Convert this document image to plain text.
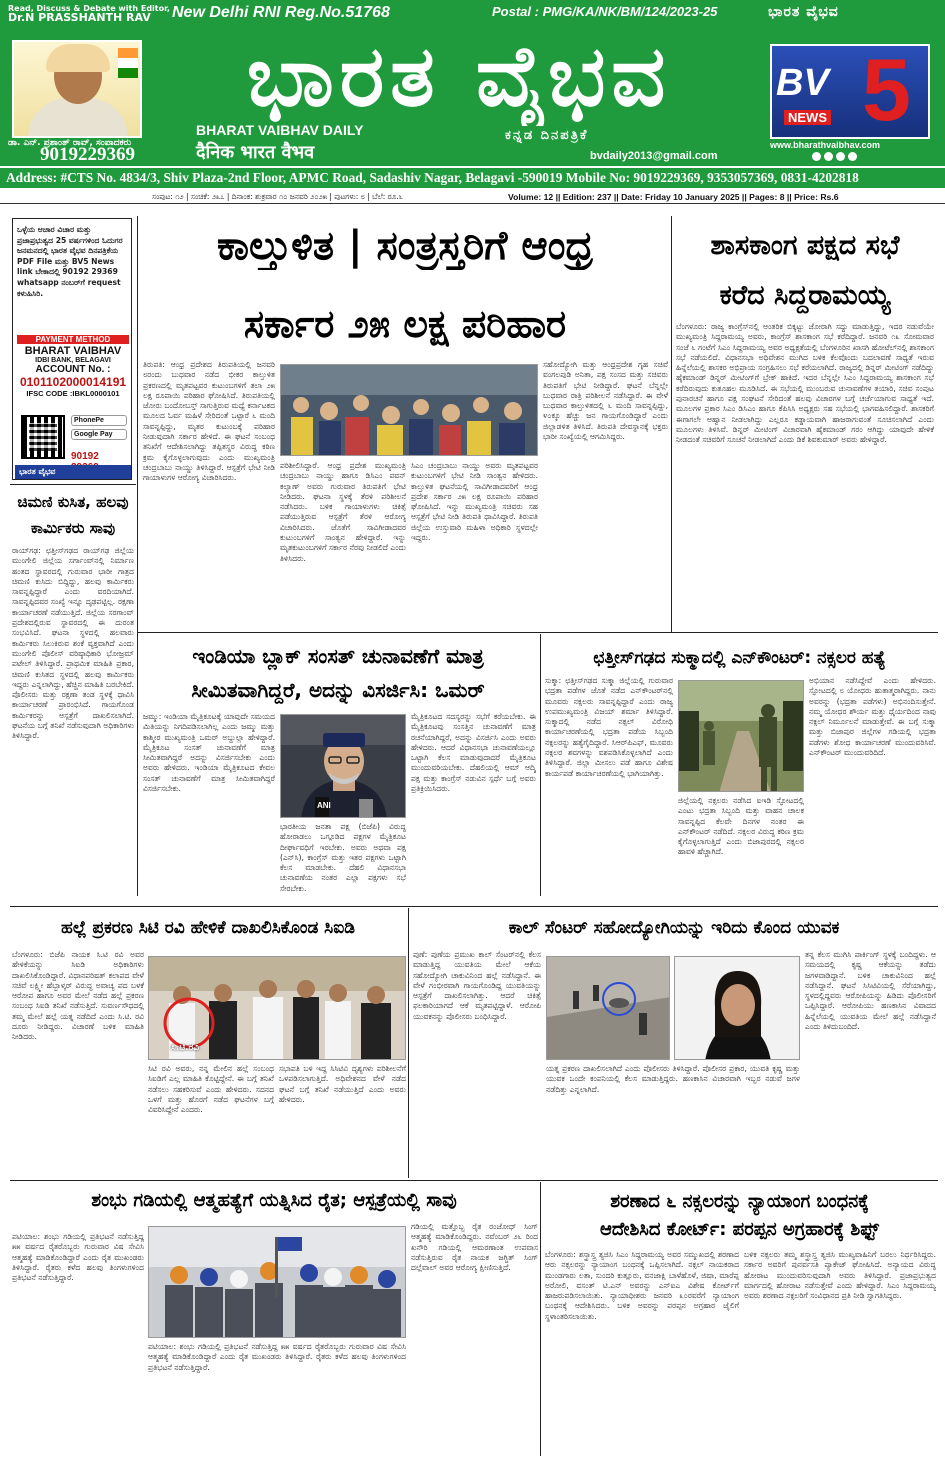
Read, Discuss & Debate with Editor,
Dr.N PRASSHANTH RAV
ಡಾ. ಎನ್. ಪ್ರಶಾಂತ್ ರಾವ್, ಸಂಪಾದಕರು
9019229369
New Delhi RNI Reg.No.51768	Postal : PMG/KA/NK/BM/124/2023-25
ಭಾರತ ವೈಭವ
BHARAT VAIBHAV DAILY
दैनिक भारत वैभव
ಕನ್ನಡ ದಿನಪತ್ರಿಕೆ
bvdaily2013@gmail.com
ಭಾರತ ವೈಭವ
BV 5
NEWS
www.bharathvaibhav.com
Address: #CTS No. 4834/3, Shiv Plaza-2nd Floor, APMC Road, Sadashiv Nagar, Belagavi -590019 Mobile No: 9019229369, 9353057369, 0831-4202818
ಸಂಪುಟ: ೧೨ | ಸಂಚಿಕೆ: ೨೩೭ | ದಿನಾಂಕ: ಶುಕ್ರವಾರ ೧೦ ಜನವರಿ ೨೦೨೫ | ಪುಟಗಳು: ೮ | ಬೆಲೆ: ರೂ.೬	Volume: 12 || Edition: 237 || Date: Friday 10 January 2025 || Pages: 8 || Price: Rs.6
ಒಳ್ಳೆಯ ಆಚಾರ ವಿಚಾರ ಮತ್ತು ಪ್ರಜಾಪ್ರಭುತ್ವದ 25 ವರ್ಷಗಳಿಂದ ಓದುಗರ ಜನಮನದಲ್ಲಿ ಭಾರತ ವೈಭವ ದಿನಪತ್ರಿಕೆಯ PDF File ಮತ್ತು BV5 News link ಬೇಕಾದಲ್ಲಿ 90192 29369 whatsapp ನಂಬರ್‌ಗೆ request ಕಳುಹಿಸಿರಿ.
PAYMENT METHOD
BHARAT VAIBHAV
IDBI BANK, BELAGAVI
ACCOUNT No. :
0101102000014191
IFSC CODE :IBKL0000101
PhonePe
Google Pay
90192
ಭಾರತ ವೈಭವ
ಕಾಲ್ತುಳಿತ | ಸಂತ್ರಸ್ತರಿಗೆ ಆಂಧ್ರ
ಸರ್ಕಾರ ೨೫ ಲಕ್ಷ ಪರಿಹಾರ
ತಿರುಪತಿ: ಆಂಧ್ರ ಪ್ರದೇಶದ ತಿರುಪತಿಯಲ್ಲಿ ಜನವರಿ ೮ರಂದು ಬುಧವಾರ ನಡೆದ ಭೀಕರ ಕಾಲ್ತುಳಿತ ಪ್ರಕರಣದಲ್ಲಿ ಮೃತಪಟ್ಟವರ ಕುಟುಂಬಗಳಿಗೆ ತಲಾ ೨೫ ಲಕ್ಷ ರೂಪಾಯಿ ಪರಿಹಾರ ಘೋಷಿಸಿದೆ. ತಿರುಪತಿಯಲ್ಲಿ ಜೋರು ಬಂದೋಬಸ್ತ್ ಸಾಗುತ್ತಿರುವ ಮಧ್ಯೆ ಕರ್ನಾಟಕದ ಮೂಲದ ಓರ್ವ ಮಹಿಳೆ ಸೇರಿದಂತೆ ಒಟ್ಟಾರೆ ೬ ಮಂದಿ ಸಾವನ್ನಪ್ಪಿದ್ದು, ಮೃತರ ಕುಟುಂಬಕ್ಕೆ ಪರಿಹಾರ ನೀಡುವುದಾಗಿ ಸರ್ಕಾರ ಹೇಳಿದೆ. ಈ ಘಟನೆ ಸಂಬಂಧ ತನಿಖೆಗೆ ಆದೇಶಿಸಲಾಗಿದ್ದು ತಪ್ಪಿತಸ್ಥರ ವಿರುದ್ಧ ಕಠಿಣ ಕ್ರಮ ಕೈಗೊಳ್ಳಲಾಗುವುದು ಎಂದು ಮುಖ್ಯಮಂತ್ರಿ ಚಂದ್ರಬಾಬು ನಾಯ್ಡು ತಿಳಿಸಿದ್ದಾರೆ. ಆಸ್ಪತ್ರೆಗೆ ಭೇಟಿ ನೀಡಿ ಗಾಯಾಳುಗಳ ಆರೋಗ್ಯ ವಿಚಾರಿಸಿದರು.
ಪರಿಶೀಲಿಸಿದ್ದಾರೆ. ಆಂಧ್ರ ಪ್ರದೇಶ ಮುಖ್ಯಮಂತ್ರಿ ಚಂದ್ರಬಾಬು ನಾಯ್ಡು ಹಾಗೂ ಡಿಸಿಎಂ ಪವನ್ ಕಲ್ಯಾಣ್ ಅವರು ಗುರುವಾರ ತಿರುಪತಿಗೆ ಭೇಟಿ ನೀಡಿದರು. ಘಟನಾ ಸ್ಥಳಕ್ಕೆ ತೆರಳಿ ಪರಿಶೀಲನೆ ನಡೆಸಿದರು. ಬಳಿಕ ಗಾಯಾಳುಗಳು ಚಿಕಿತ್ಸೆ ಪಡೆಯುತ್ತಿರುವ ಆಸ್ಪತ್ರೆಗೆ ತೆರಳಿ ಆರೋಗ್ಯ ವಿಚಾರಿಸಿದರು. ಜೊತೆಗೆ ಸಾವಿಗೀಡಾದವರ ಕುಟುಂಬಗಳಿಗೆ ಸಾಂತ್ವನ ಹೇಳಿದ್ದಾರೆ. ಇನ್ನು ಮೃತಕುಟುಂಬಗಳಿಗೆ ಸರ್ಕಾರ ನೆರವು ನೀಡಲಿದೆ ಎಂದು ತಿಳಿಸಿದರು.
ಸಿಎಂ ಚಂದ್ರಬಾಬು ನಾಯ್ಡು ಅವರು ಮೃತಪಟ್ಟವರ ಕುಟುಂಬಗಳಿಗೆ ಭೇಟಿ ನೀಡಿ ಸಾಂತ್ವನ ಹೇಳಿದರು. ಕಾಲ್ತುಳಿತ ಘಟನೆಯಲ್ಲಿ ಸಾವಿಗೀಡಾದವರಿಗೆ ಆಂಧ್ರ ಪ್ರದೇಶ ಸರ್ಕಾರ ೨೫ ಲಕ್ಷ ರೂಪಾಯಿ ಪರಿಹಾರ ಘೋಷಿಸಿದೆ. ಇನ್ನು ಮುಖ್ಯಮಂತ್ರಿ ಸಚಿವರು ಸಹ ಆಸ್ಪತ್ರೆಗೆ ಭೇಟಿ ನೀಡಿ ತಿರುಪತಿ ಧಾವಿಸಿದ್ದಾರೆ. ತಿರುಪತಿ ಜಿಲ್ಲೆಯ ಉಸ್ತುವಾರಿ ಮಹಿಳಾ ಅಧಿಕಾರಿ ಸ್ಥಳದಲ್ಲೇ ಇದ್ದರು.
ಸಹೋದ್ಯೋಗಿ ಮತ್ತು ಆಂಧ್ರಪ್ರದೇಶ ಗೃಹ ಸಚಿವೆ ವಂಗಲಪುಡಿ ಅನಿತಾ, ಪಕ್ಷ ಸಂಸದ ಮತ್ತು ಸಚಿವರು ತಿರುಪತಿಗೆ ಭೇಟಿ ನೀಡಿದ್ದಾರೆ. ಘಟನೆ ಬೆನ್ನಲ್ಲೇ ಬುಧವಾರ ರಾತ್ರಿ ಪರಿಶೀಲನೆ ನಡೆಸಿದ್ದಾರೆ. ಈ ವೇಳೆ ಬುಧವಾರ ಕಾಲ್ತುಳಿತದಲ್ಲಿ ೬ ಮಂದಿ ಸಾವನ್ನಪ್ಪಿದ್ದು, ೪೦ಕ್ಕೂ ಹೆಚ್ಚು ಜನ ಗಾಯಗೊಂಡಿದ್ದಾರೆ ಎಂದು ಜಿಲ್ಲಾಡಳಿತ ತಿಳಿಸಿದೆ. ತಿರುಪತಿ ದೇವಸ್ಥಾನಕ್ಕೆ ಭಕ್ತರು ಭಾರೀ ಸಂಖ್ಯೆಯಲ್ಲಿ ಆಗಮಿಸಿದ್ದರು.
ಶಾಸಕಾಂಗ ಪಕ್ಷದ ಸಭೆ
ಕರೆದ ಸಿದ್ದರಾಮಯ್ಯ
ಬೆಂಗಳೂರು: ರಾಜ್ಯ ಕಾಂಗ್ರೆಸ್‌ನಲ್ಲಿ ಆಂತರಿಕ ಬಿಕ್ಕಟ್ಟು ಜೋರಾಗಿ ಸದ್ದು ಮಾಡುತ್ತಿದ್ದು, ಇದರ ನಡುವೆಯೇ ಮುಖ್ಯಮಂತ್ರಿ ಸಿದ್ದರಾಮಯ್ಯ ಅವರು, ಕಾಂಗ್ರೆಸ್ ಶಾಸಕಾಂಗ ಸಭೆ ಕರೆದಿದ್ದಾರೆ. ಜನವರಿ ೧೩ ಸೋಮವಾರ ಸಂಜೆ ೬ ಗಂಟೆಗೆ ಸಿಎಂ ಸಿದ್ದರಾಮಯ್ಯ ಅವರ ಅಧ್ಯಕ್ಷತೆಯಲ್ಲಿ ಬೆಂಗಳೂರಿನ ಖಾಸಗಿ ಹೋಟೆಲ್‌ನಲ್ಲಿ ಶಾಸಕಾಂಗ ಸಭೆ ನಡೆಯಲಿದೆ. ವಿಧಾನಸಭಾ ಅಧಿವೇಶನ ಮುಗಿದ ಬಳಿಕ ಕೆಲವೊಂದು ಬದಲಾವಣೆ ಸಾಧ್ಯತೆ ಇರುವ ಹಿನ್ನೆಲೆಯಲ್ಲಿ ಶಾಸಕರ ಅಭಿಪ್ರಾಯ ಸಂಗ್ರಹಿಸಲು ಸಭೆ ಕರೆಯಲಾಗಿದೆ. ರಾಜ್ಯದಲ್ಲಿ ಡಿನ್ನರ್ ಮೀಟಿಂಗ್ ನಡೆದಿದ್ದು ಹೈಕಮಾಂಡ್ ಡಿನ್ನರ್ ಮೀಟಿಂಗ್‌ಗೆ ಬ್ರೇಕ್ ಹಾಕಿದೆ. ಇದರ ಬೆನ್ನಲ್ಲೇ ಸಿಎಂ ಸಿದ್ದರಾಮಯ್ಯ ಶಾಸಕಾಂಗ ಸಭೆ ಕರೆದಿರುವುದು ಕುತೂಹಲ ಮೂಡಿಸಿದೆ. ಈ ಸಭೆಯಲ್ಲಿ ಮುಂಬರುವ ಚುನಾವಣೆಗಳ ತಯಾರಿ, ಸಚಿವ ಸಂಪುಟ ಪುನಾರಚನೆ ಹಾಗೂ ಪಕ್ಷ ಸಂಘಟನೆ ಸೇರಿದಂತೆ ಹಲವು ವಿಚಾರಗಳ ಬಗ್ಗೆ ಚರ್ಚೆಯಾಗುವ ಸಾಧ್ಯತೆ ಇದೆ. ಮೂಲಗಳ ಪ್ರಕಾರ ಸಿಎಂ ಡಿಸಿಎಂ ಹಾಗೂ ಕೆಪಿಸಿಸಿ ಅಧ್ಯಕ್ಷರು ಸಹ ಸಭೆಯಲ್ಲಿ ಭಾಗವಹಿಸಲಿದ್ದಾರೆ. ಶಾಸಕರಿಗೆ ಈಗಾಗಲೇ ಆಹ್ವಾನ ನೀಡಲಾಗಿದ್ದು ಎಲ್ಲರೂ ಕಡ್ಡಾಯವಾಗಿ ಹಾಜರಾಗುವಂತೆ ಸೂಚಿಸಲಾಗಿದೆ ಎಂದು ಮೂಲಗಳು ತಿಳಿಸಿವೆ. ಡಿನ್ನರ್ ಮೀಟಿಂಗ್ ವಿಚಾರವಾಗಿ ಹೈಕಮಾಂಡ್ ಗರಂ ಆಗಿದ್ದು ಯಾವುದೇ ಹೇಳಿಕೆ ನೀಡದಂತೆ ಸಚಿವರಿಗೆ ಸೂಚನೆ ನೀಡಲಾಗಿದೆ ಎಂದು ಡಿಕೆ ಶಿವಕುಮಾರ್ ಅವರು ಹೇಳಿದ್ದಾರೆ.
ಚಿಮಣಿ ಕುಸಿತ, ಹಲವು
ಕಾರ್ಮಿಕರು ಸಾವು
ರಾಯ್‌ಗಢ: ಛತ್ತೀಸ್‌ಗಢದ ರಾಯ್‌ಗಢ ಜಿಲ್ಲೆಯ ಮುಂಗೇಲಿ ಜಿಲ್ಲೆಯ ಸರ್ಗಾಂವ್‌ನಲ್ಲಿ ನಿರ್ಮಾಣ ಹಂತದ ಸ್ಥಾವರದಲ್ಲಿ ಗುರುವಾರ ಭಾರೀ ಗಾತ್ರದ ಚಿಮಣಿ ಕುಸಿದು ಬಿದ್ದಿದ್ದು, ಹಲವು ಕಾರ್ಮಿಕರು ಸಾವನ್ನಪ್ಪಿದ್ದಾರೆ ಎಂದು ವರದಿಯಾಗಿದೆ. ಸಾವನ್ನಪ್ಪಿದವರ ಸಂಖ್ಯೆ ಇನ್ನೂ ದೃಢಪಟ್ಟಿಲ್ಲ. ರಕ್ಷಣಾ ಕಾರ್ಯಾಚರಣೆ ನಡೆಯುತ್ತಿದೆ. ಜಿಲ್ಲೆಯ ಸರಗಾಂವ್ ಪ್ರದೇಶದಲ್ಲಿರುವ ಸ್ಥಾವರದಲ್ಲಿ ಈ ದುರಂತ ಸಂಭವಿಸಿದೆ. ಘಟನಾ ಸ್ಥಳದಲ್ಲಿ ಹಲವಾರು ಕಾರ್ಮಿಕರು ಸಿಲುಕಿರುವ ಶಂಕೆ ವ್ಯಕ್ತವಾಗಿದೆ ಎಂದು ಮುಂಗೇಲಿ ಪೊಲೀಸ್ ವರಿಷ್ಠಾಧಿಕಾರಿ ಭೋಜ್ರಮ್ ಪಟೇಲ್ ತಿಳಿಸಿದ್ದಾರೆ. ಪ್ರಾಥಮಿಕ ಮಾಹಿತಿ ಪ್ರಕಾರ, ಚಿಮಣಿ ಕುಸಿತದ ಸ್ಥಳದಲ್ಲಿ ಹಲವು ಕಾರ್ಮಿಕರು ಇದ್ದರು ಎನ್ನಲಾಗಿದ್ದು, ಹೆಚ್ಚಿನ ಮಾಹಿತಿ ಬರಬೇಕಿದೆ. ಪೊಲೀಸರು ಮತ್ತು ರಕ್ಷಣಾ ತಂಡ ಸ್ಥಳಕ್ಕೆ ಧಾವಿಸಿ ಕಾರ್ಯಾಚರಣೆ ಪ್ರಾರಂಭಿಸಿದೆ. ಗಾಯಗೊಂಡ ಕಾರ್ಮಿಕರನ್ನು ಆಸ್ಪತ್ರೆಗೆ ದಾಖಲಿಸಲಾಗಿದೆ. ಘಟನೆಯ ಬಗ್ಗೆ ತನಿಖೆ ನಡೆಸುವುದಾಗಿ ಅಧಿಕಾರಿಗಳು ತಿಳಿಸಿದ್ದಾರೆ.
ಇಂಡಿಯಾ ಬ್ಲಾಕ್ ಸಂಸತ್ ಚುನಾವಣೆಗೆ ಮಾತ್ರ
ಸೀಮಿತವಾಗಿದ್ದರೆ, ಅದನ್ನು ವಿಸರ್ಜಿಸಿ: ಒಮರ್
ಜಮ್ಮು: ಇಂಡಿಯಾ ಮೈತ್ರಿಕೂಟಕ್ಕೆ ಯಾವುದೇ ಸಮಯದ ಮಿತಿಯನ್ನು ನಿಗದಿಪಡಿಸಲಾಗಿಲ್ಲ ಎಂದು ಜಮ್ಮು ಮತ್ತು ಕಾಶ್ಮೀರ ಮುಖ್ಯಮಂತ್ರಿ ಒಮರ್ ಅಬ್ದುಲ್ಲಾ ಹೇಳಿದ್ದಾರೆ. ಮೈತ್ರಿಕೂಟ ಸಂಸತ್ ಚುನಾವಣೆಗೆ ಮಾತ್ರ ಸೀಮಿತವಾಗಿದ್ದರೆ ಅದನ್ನು ವಿಸರ್ಜಿಸಬೇಕು ಎಂದು ಅವರು ಹೇಳಿದರು. ಇಂಡಿಯಾ ಮೈತ್ರಿಕೂಟದ ಕೇವಲ ಸಂಸತ್ ಚುನಾವಣೆಗೆ ಮಾತ್ರ ಸೀಮಿತವಾಗಿದ್ದರೆ ವಿಸರ್ಜಿಸಬೇಕು.
ANI
ಭಾರತೀಯ ಜನತಾ ಪಕ್ಷ (ಬಿಜೆಪಿ) ವಿರುದ್ಧ ಹೋರಾಡಲು ಒಗ್ಗೂಡಿದ ಪಕ್ಷಗಳ ಮೈತ್ರಿಕೂಟ ದೀರ್ಘಾವಧಿಗೆ ಇರಬೇಕು. ಅವರು ಅಥವಾ ಪಕ್ಷ (ಎನ್‌ಸಿ), ಕಾಂಗ್ರೆಸ್ ಮತ್ತು ಇತರ ಪಕ್ಷಗಳು ಒಟ್ಟಾಗಿ ಕೆಲಸ ಮಾಡಬೇಕು. ದೆಹಲಿ ವಿಧಾನಸಭಾ ಚುನಾವಣೆಯ ನಂತರ ಎಲ್ಲಾ ಪಕ್ಷಗಳು ಸಭೆ ಸೇರಬೇಕು.
ಮೈತ್ರಿಕೂಟದ ಸದಸ್ಯರನ್ನು ಸಭೆಗೆ ಕರೆಯಬೇಕು. ಈ ಮೈತ್ರಿಕೂಟವು ಸಂಸತ್ತಿನ ಚುನಾವಣೆಗೆ ಮಾತ್ರ ರಚನೆಯಾಗಿದ್ದರೆ, ಅದನ್ನು ವಿಸರ್ಜಿಸಿ ಎಂದು ಅವರು ಹೇಳಿದರು. ಆದರೆ ವಿಧಾನಸಭಾ ಚುನಾವಣೆಯಲ್ಲೂ ಒಟ್ಟಾಗಿ ಕೆಲಸ ಮಾಡುವುದಾದರೆ ಮೈತ್ರಿಕೂಟ ಮುಂದುವರಿಯಬೇಕು. ದೆಹಲಿಯಲ್ಲಿ ಆಮ್ ಆದ್ಮಿ ಪಕ್ಷ ಮತ್ತು ಕಾಂಗ್ರೆಸ್ ನಡುವಿನ ಸ್ಪರ್ಧೆ ಬಗ್ಗೆ ಅವರು ಪ್ರತಿಕ್ರಿಯಿಸಿದರು.
ಛತ್ತೀಸ್‌ಗಢದ ಸುಕ್ಮಾದಲ್ಲಿ ಎನ್‌ಕೌಂಟರ್: ನಕ್ಸಲರ ಹತ್ಯೆ
ಸುಕ್ಮಾ: ಛತ್ತೀಸ್‌ಗಢದ ಸುಕ್ಮಾ ಜಿಲ್ಲೆಯಲ್ಲಿ ಗುರುವಾರ ಭದ್ರತಾ ಪಡೆಗಳ ಜೊತೆ ನಡೆದ ಎನ್‌ಕೌಂಟರ್‌ನಲ್ಲಿ ಮೂವರು ನಕ್ಸಲರು ಸಾವನ್ನಪ್ಪಿದ್ದಾರೆ ಎಂದು ರಾಜ್ಯ ಉಪಮುಖ್ಯಮಂತ್ರಿ ವಿಜಯ್ ಶರ್ಮಾ ತಿಳಿಸಿದ್ದಾರೆ. ಸುಕ್ಮಾದಲ್ಲಿ ನಡೆದ ನಕ್ಸಲ್ ವಿರೋಧಿ ಕಾರ್ಯಾಚರಣೆಯಲ್ಲಿ ಭದ್ರತಾ ಪಡೆಯ ಸಿಬ್ಬಂದಿ ನಕ್ಸಲರನ್ನು ಹತ್ಯೆಗೈದಿದ್ದಾರೆ. ಸಿಆರ್‌ಪಿಎಫ್, ಮೂವರು ನಕ್ಸಲರ ಶವಗಳನ್ನು ವಶಪಡಿಸಿಕೊಳ್ಳಲಾಗಿದೆ ಎಂದು ತಿಳಿಸಿದ್ದಾರೆ. ಜಿಲ್ಲಾ ಮೀಸಲು ಪಡೆ ಹಾಗೂ ವಿಶೇಷ ಕಾರ್ಯಪಡೆ ಕಾರ್ಯಾಚರಣೆಯಲ್ಲಿ ಭಾಗಿಯಾಗಿತ್ತು.
ಜಿಲ್ಲೆಯಲ್ಲಿ ನಕ್ಸಲರು ನಡೆಸಿದ ಐಇಡಿ ಸ್ಫೋಟದಲ್ಲಿ ಎಂಟು ಭದ್ರತಾ ಸಿಬ್ಬಂದಿ ಮತ್ತು ವಾಹನ ಚಾಲಕ ಸಾವನ್ನಪ್ಪಿದ ಕೆಲವೇ ದಿನಗಳ ನಂತರ ಈ ಎನ್‌ಕೌಂಟರ್ ನಡೆದಿದೆ. ನಕ್ಸಲರ ವಿರುದ್ಧ ಕಠಿಣ ಕ್ರಮ ಕೈಗೊಳ್ಳಲಾಗುತ್ತಿದೆ ಎಂದು ಬಿಜಾಪುರದಲ್ಲಿ ನಕ್ಸಲರ ಹಾವಳಿ ಹೆಚ್ಚಾಗಿದೆ.
ಅಭಿಯಾನ ನಡೆಸಿದ್ದೇವೆ ಎಂದು ಹೇಳಿದರು. ಸ್ಫೋಟದಲ್ಲಿ ೮ ಯೋಧರು ಹುತಾತ್ಮರಾಗಿದ್ದರು. ನಾನು ಅವರನ್ನು (ಭದ್ರತಾ ಪಡೆಗಳು) ಅಭಿನಂದಿಸುತ್ತೇನೆ. ನಮ್ಮ ಯೋಧರ ಶೌರ್ಯ ಮತ್ತು ಧೈರ್ಯದಿಂದ ನಾವು ನಕ್ಸಲ್ ನಿರ್ಮೂಲನೆ ಮಾಡುತ್ತೇವೆ. ಈ ಬಗ್ಗೆ ಸುಕ್ಮಾ ಮತ್ತು ಬಿಜಾಪುರ ಜಿಲ್ಲೆಗಳ ಗಡಿಯಲ್ಲಿ ಭದ್ರತಾ ಪಡೆಗಳು ಶೋಧ ಕಾರ್ಯಾಚರಣೆ ಮುಂದುವರಿಸಿವೆ. ಎನ್‌ಕೌಂಟರ್ ಮುಂದುವರಿದಿದೆ.
ಹಲ್ಲೆ ಪ್ರಕರಣ ಸಿಟಿ ರವಿ ಹೇಳಿಕೆ ದಾಖಲಿಸಿಕೊಂಡ ಸಿಐಡಿ
ಬೆಂಗಳೂರು: ಬಿಜೆಪಿ ನಾಯಕ ಸಿ.ಟಿ ರವಿ ಅವರ ಹೇಳಿಕೆಯನ್ನು ಸಿಐಡಿ ಅಧಿಕಾರಿಗಳು ದಾಖಲಿಸಿಕೊಂಡಿದ್ದಾರೆ. ವಿಧಾನಪರಿಷತ್ ಕಲಾಪದ ವೇಳೆ ಸಚಿವೆ ಲಕ್ಷ್ಮೀ ಹೆಬ್ಬಾಳ್ಕರ್ ವಿರುದ್ಧ ಅವಾಚ್ಯ ಪದ ಬಳಕೆ ಆರೋಪ ಹಾಗೂ ಅವರ ಮೇಲೆ ನಡೆದ ಹಲ್ಲೆ ಪ್ರಕರಣ ಸಂಬಂಧ ಸಿಐಡಿ ತನಿಖೆ ನಡೆಸುತ್ತಿದೆ. ಸುವರ್ಣಸೌಧದಲ್ಲಿ ತಮ್ಮ ಮೇಲೆ ಹಲ್ಲೆ ಯತ್ನ ನಡೆದಿದೆ ಎಂದು ಸಿ.ಟಿ. ರವಿ ದೂರು ನೀಡಿದ್ದರು. ವಿಚಾರಣೆ ಬಳಿಕ ಮಾಹಿತಿ ನೀಡಿದರು.
ಸಿ.ಟಿ.ರವಿ
ಸಿಟಿ ರವಿ ಅವರು, ನನ್ನ ಮೇಲಿನ ಹಲ್ಲೆ ಸಂಬಂಧ ಸಿಐಡಿಗೆ ಎಲ್ಲ ಮಾಹಿತಿ ಕೊಟ್ಟಿದ್ದೇನೆ. ಈ ಬಗ್ಗೆ ತನಿಖೆ ನಡೆಸಲು ಸಹಕರಿಸುವೆ ಎಂದು ಹೇಳಿದರು. ಸದನದ ಒಳಗೆ ಮತ್ತು ಹೊರಗೆ ನಡೆದ ಘಟನೆಗಳ ಬಗ್ಗೆ ವಿವರಿಸಿದ್ದೇನೆ ಎಂದರು.
ಸಭಾಪತಿ ಬಳಿ ಇದ್ದ ಸಿಸಿಟಿವಿ ದೃಶ್ಯಗಳು ಪರಿಶೀಲನೆಗೆ ಒಳಪಡಿಸಲಾಗುತ್ತಿದೆ. ಅಧಿವೇಶನದ ವೇಳೆ ನಡೆದ ಘಟನೆ ಬಗ್ಗೆ ತನಿಖೆ ನಡೆಯುತ್ತಿದೆ ಎಂದು ಅವರು ಹೇಳಿದರು.
ಕಾಲ್ ಸೆಂಟರ್ ಸಹೋದ್ಯೋಗಿಯನ್ನು ಇರಿದು ಕೊಂದ ಯುವಕ
ಪುಣೆ: ಪುಣೆಯ ಪ್ರಮುಖ ಕಾಲ್ ಸೆಂಟರ್‌ನಲ್ಲಿ ಕೆಲಸ ಮಾಡುತ್ತಿದ್ದ ಯುವತಿಯ ಮೇಲೆ ಆಕೆಯ ಸಹೋದ್ಯೋಗಿ ಚಾಕುವಿನಿಂದ ಹಲ್ಲೆ ನಡೆಸಿದ್ದಾನೆ. ಈ ವೇಳೆ ಗಂಭೀರವಾಗಿ ಗಾಯಗೊಂಡಿದ್ದ ಯುವತಿಯನ್ನು ಆಸ್ಪತ್ರೆಗೆ ದಾಖಲಿಸಲಾಗಿತ್ತು. ಆದರೆ ಚಿಕಿತ್ಸೆ ಫಲಕಾರಿಯಾಗದೆ ಆಕೆ ಮೃತಪಟ್ಟಿದ್ದಾಳೆ. ಆರೋಪಿ ಯುವಕನನ್ನು ಪೊಲೀಸರು ಬಂಧಿಸಿದ್ದಾರೆ.
ಯತ್ನ ಪ್ರಕರಣ ದಾಖಲಿಸಲಾಗಿದೆ ಎಂದು ಪೊಲೀಸರು ತಿಳಿಸಿದ್ದಾರೆ. ಪೊಲೀಸರ ಪ್ರಕಾರ, ಯುವತಿ ಕೃಷ್ಣ ಮತ್ತು ಯುವಕ ಒಂದೇ ಕಂಪನಿಯಲ್ಲಿ ಕೆಲಸ ಮಾಡುತ್ತಿದ್ದರು. ಹಣಕಾಸಿನ ವಿಚಾರವಾಗಿ ಇಬ್ಬರ ನಡುವೆ ಜಗಳ ನಡೆದಿತ್ತು ಎನ್ನಲಾಗಿದೆ.
ತನ್ನ ಕೆಲಸ ಮುಗಿಸಿ ಪಾರ್ಕಿಂಗ್ ಸ್ಥಳಕ್ಕೆ ಬಂದಿದ್ದಳು. ಆ ಸಮಯದಲ್ಲಿ ಕೃಷ್ಣ ಆಕೆಯನ್ನು ತಡೆದು ಜಗಳವಾಡಿದ್ದಾನೆ. ಬಳಿಕ ಚಾಕುವಿನಿಂದ ಹಲ್ಲೆ ನಡೆಸಿದ್ದಾನೆ. ಘಟನೆ ಸಿಸಿಟಿವಿಯಲ್ಲಿ ಸೆರೆಯಾಗಿದ್ದು, ಸ್ಥಳದಲ್ಲಿದ್ದವರು ಆರೋಪಿಯನ್ನು ಹಿಡಿದು ಪೊಲೀಸರಿಗೆ ಒಪ್ಪಿಸಿದ್ದಾರೆ. ಆರೋಪಿಯು ಹಣಕಾಸಿನ ವಿವಾದದ ಹಿನ್ನೆಲೆಯಲ್ಲಿ ಯುವತಿಯ ಮೇಲೆ ಹಲ್ಲೆ ನಡೆಸಿದ್ದಾನೆ ಎಂದು ತಿಳಿದುಬಂದಿದೆ.
ಶಂಭು ಗಡಿಯಲ್ಲಿ ಆತ್ಮಹತ್ಯೆಗೆ ಯತ್ನಿಸಿದ ರೈತ; ಆಸ್ಪತ್ರೆಯಲ್ಲಿ ಸಾವು
ಪಟಿಯಾಲ: ಶಂಭು ಗಡಿಯಲ್ಲಿ ಪ್ರತಿಭಟನೆ ನಡೆಸುತ್ತಿದ್ದ ೫೫ ವರ್ಷದ ರೈತರೊಬ್ಬರು ಗುರುವಾರ ವಿಷ ಸೇವಿಸಿ ಆತ್ಮಹತ್ಯೆ ಮಾಡಿಕೊಂಡಿದ್ದಾರೆ ಎಂದು ರೈತ ಮುಖಂಡರು ತಿಳಿಸಿದ್ದಾರೆ. ರೈತರು ಕಳೆದ ಹಲವು ತಿಂಗಳುಗಳಿಂದ ಪ್ರತಿಭಟನೆ ನಡೆಸುತ್ತಿದ್ದಾರೆ.
ಪಟಿಯಾಲ: ಶಂಭು ಗಡಿಯಲ್ಲಿ ಪ್ರತಿಭಟನೆ ನಡೆಸುತ್ತಿದ್ದ ೫೫ ವರ್ಷದ ರೈತರೊಬ್ಬರು ಗುರುವಾರ ವಿಷ ಸೇವಿಸಿ ಆತ್ಮಹತ್ಯೆ ಮಾಡಿಕೊಂಡಿದ್ದಾರೆ ಎಂದು ರೈತ ಮುಖಂಡರು ತಿಳಿಸಿದ್ದಾರೆ. ರೈತರು ಕಳೆದ ಹಲವು ತಿಂಗಳುಗಳಿಂದ ಪ್ರತಿಭಟನೆ ನಡೆಸುತ್ತಿದ್ದಾರೆ.
ಗಡಿಯಲ್ಲಿ ಮತ್ತೊಬ್ಬ ರೈತ ರಂಜೋಧ್ ಸಿಂಗ್ ಆತ್ಮಹತ್ಯೆ ಮಾಡಿಕೊಂಡಿದ್ದರು. ನವೆಂಬರ್ ೨೬ ರಿಂದ ಖನೌರಿ ಗಡಿಯಲ್ಲಿ ಆಮರಣಾಂತ ಉಪವಾಸ ನಡೆಸುತ್ತಿರುವ ರೈತ ನಾಯಕ ಜಗ್ಜಿತ್ ಸಿಂಗ್ ದಲ್ಲೆವಾಲ್ ಅವರ ಆರೋಗ್ಯ ಕ್ಷೀಣಿಸುತ್ತಿದೆ.
ಶರಣಾದ ೬ ನಕ್ಸಲರನ್ನು ನ್ಯಾಯಾಂಗ ಬಂಧನಕ್ಕೆ
ಆದೇಶಿಸಿದ ಕೋರ್ಟ್: ಪರಪ್ಪನ ಅಗ್ರಹಾರಕ್ಕೆ ಶಿಫ್ಟ್
ಬೆಂಗಳೂರು: ಶಸ್ತ್ರಾಸ್ತ್ರ ತ್ಯಜಿಸಿ ಸಿಎಂ ಸಿದ್ದರಾಮಯ್ಯ ಅವರ ಸಮ್ಮುಖದಲ್ಲಿ ಶರಣಾದ ಆರು ನಕ್ಸಲರನ್ನು ನ್ಯಾಯಾಂಗ ಬಂಧನಕ್ಕೆ ಒಪ್ಪಿಸಲಾಗಿದೆ. ನಕ್ಸಲ್ ನಾಯಕರಾದ ಮುಂಡಗಾರು ಲತಾ, ಸುಂದರಿ ಕುತ್ಲೂರು, ವನಜಾಕ್ಷಿ ಬಾಳೆಹೊಳೆ, ಜಿಷಾ, ಮಾರೆಪ್ಪ ಅರೋಲಿ, ವಸಂತ್ ಟಿ.ಎನ್ ಅವರನ್ನು ಎನ್‌ಐಎ ವಿಶೇಷ ಕೋರ್ಟ್‌ಗೆ ಹಾಜರುಪಡಿಸಲಾಯಿತು. ನ್ಯಾಯಾಧೀಶರು ಜನವರಿ ೩೦ರವರೆಗೆ ನ್ಯಾಯಾಂಗ ಬಂಧನಕ್ಕೆ ಆದೇಶಿಸಿದರು. ಬಳಿಕ ಅವರನ್ನು ಪರಪ್ಪನ ಅಗ್ರಹಾರ ಜೈಲಿಗೆ ಸ್ಥಳಾಂತರಿಸಲಾಯಿತು.
ಬಳಿಕ ನಕ್ಸಲರು ತಮ್ಮ ಶಸ್ತ್ರಾಸ್ತ್ರ ತ್ಯಜಿಸಿ ಮುಖ್ಯವಾಹಿನಿಗೆ ಬರಲು ನಿರ್ಧರಿಸಿದ್ದರು. ಸರ್ಕಾರ ಅವರಿಗೆ ಪುನರ್ವಸತಿ ಪ್ಯಾಕೇಜ್ ಘೋಷಿಸಿದೆ. ಅನ್ಯಾಯದ ವಿರುದ್ಧ ಹೋರಾಟ ಮುಂದುವರಿಸುವುದಾಗಿ ಅವರು ತಿಳಿಸಿದ್ದಾರೆ. ಪ್ರಜಾಪ್ರಭುತ್ವದ ಮಾರ್ಗದಲ್ಲಿ ಹೋರಾಟ ನಡೆಸುತ್ತೇವೆ ಎಂದು ಹೇಳಿದ್ದಾರೆ. ಸಿಎಂ ಸಿದ್ದರಾಮಯ್ಯ ಅವರು ಶರಣಾದ ನಕ್ಸಲರಿಗೆ ಸಂವಿಧಾನದ ಪ್ರತಿ ನೀಡಿ ಸ್ವಾಗತಿಸಿದ್ದರು.
